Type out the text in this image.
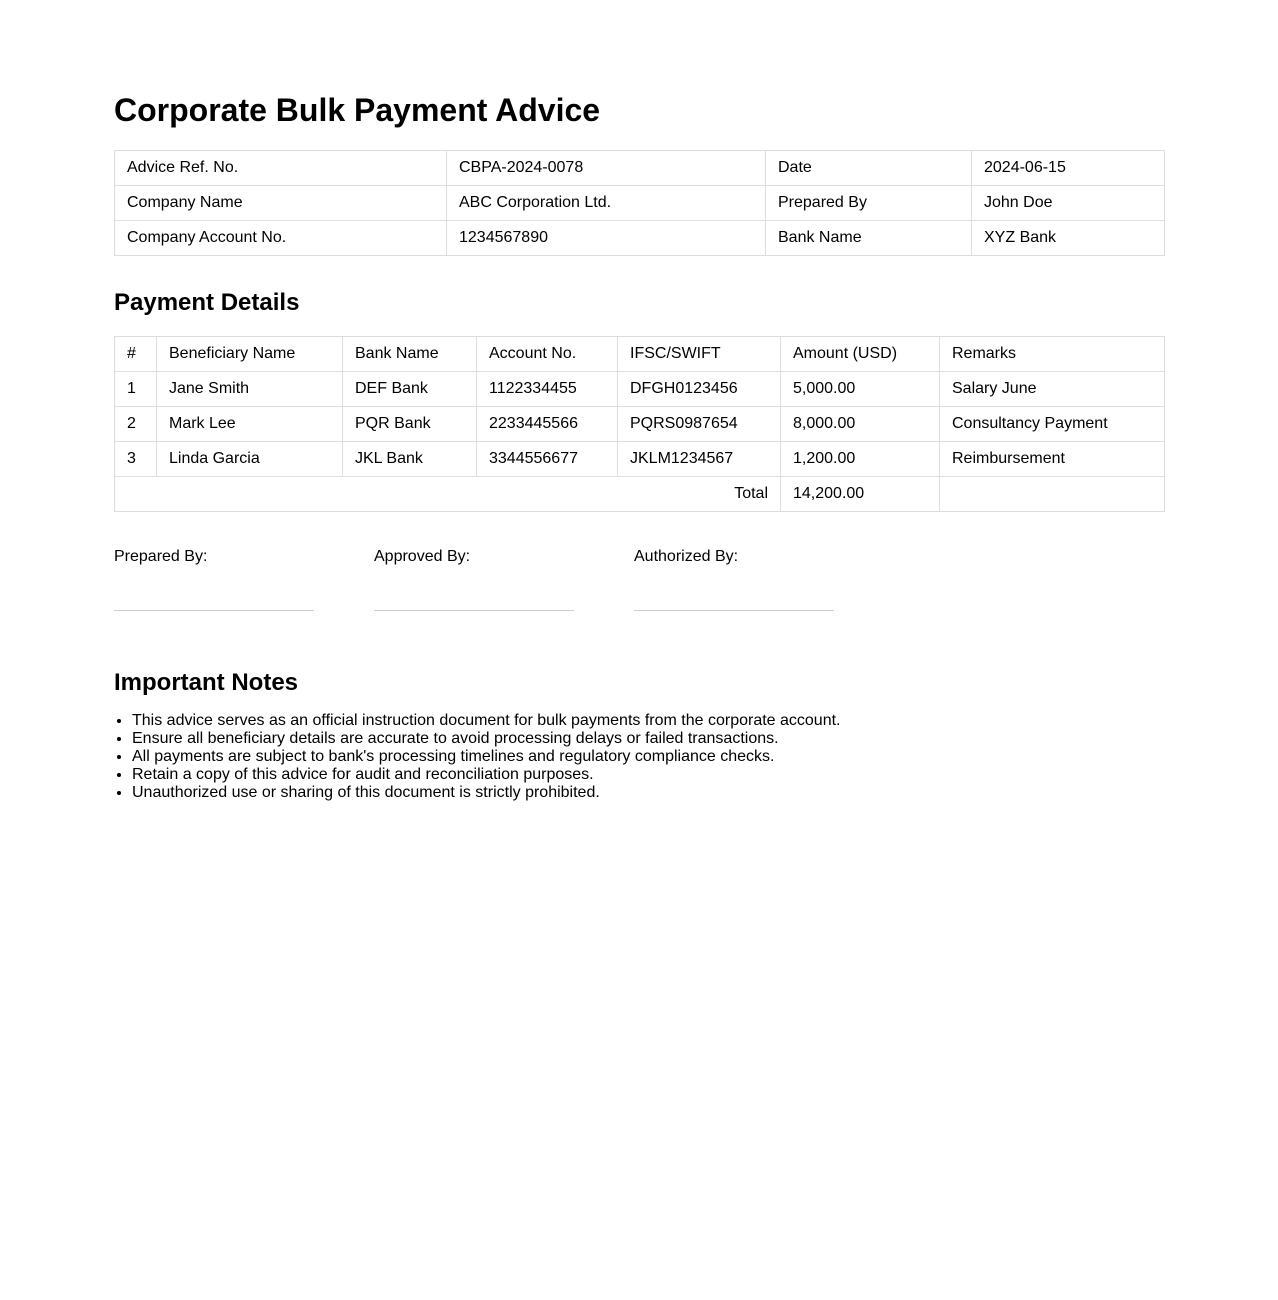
Corporate Bulk Payment Advice
Advice Ref. No.	CBPA-2024-0078	Date	2024-06-15
Company Name	ABC Corporation Ltd.	Prepared By	John Doe
Company Account No.	1234567890	Bank Name	XYZ Bank
Payment Details
#	Beneficiary Name	Bank Name	Account No.	IFSC/SWIFT	Amount (USD)	Remarks
1	Jane Smith	DEF Bank	1122334455	DFGH0123456	5,000.00	Salary June
2	Mark Lee	PQR Bank	2233445566	PQRS0987654	8,000.00	Consultancy Payment
3	Linda Garcia	JKL Bank	3344556677	JKLM1234567	1,200.00	Reimbursement
Total					14,200.00	
Prepared By:	Approved By:	Authorized By:
Important Notes
• This advice serves as an official instruction document for bulk payments from the corporate account.
• Ensure all beneficiary details are accurate to avoid processing delays or failed transactions.
• All payments are subject to bank's processing timelines and regulatory compliance checks.
• Retain a copy of this advice for audit and reconciliation purposes.
• Unauthorized use or sharing of this document is strictly prohibited.
